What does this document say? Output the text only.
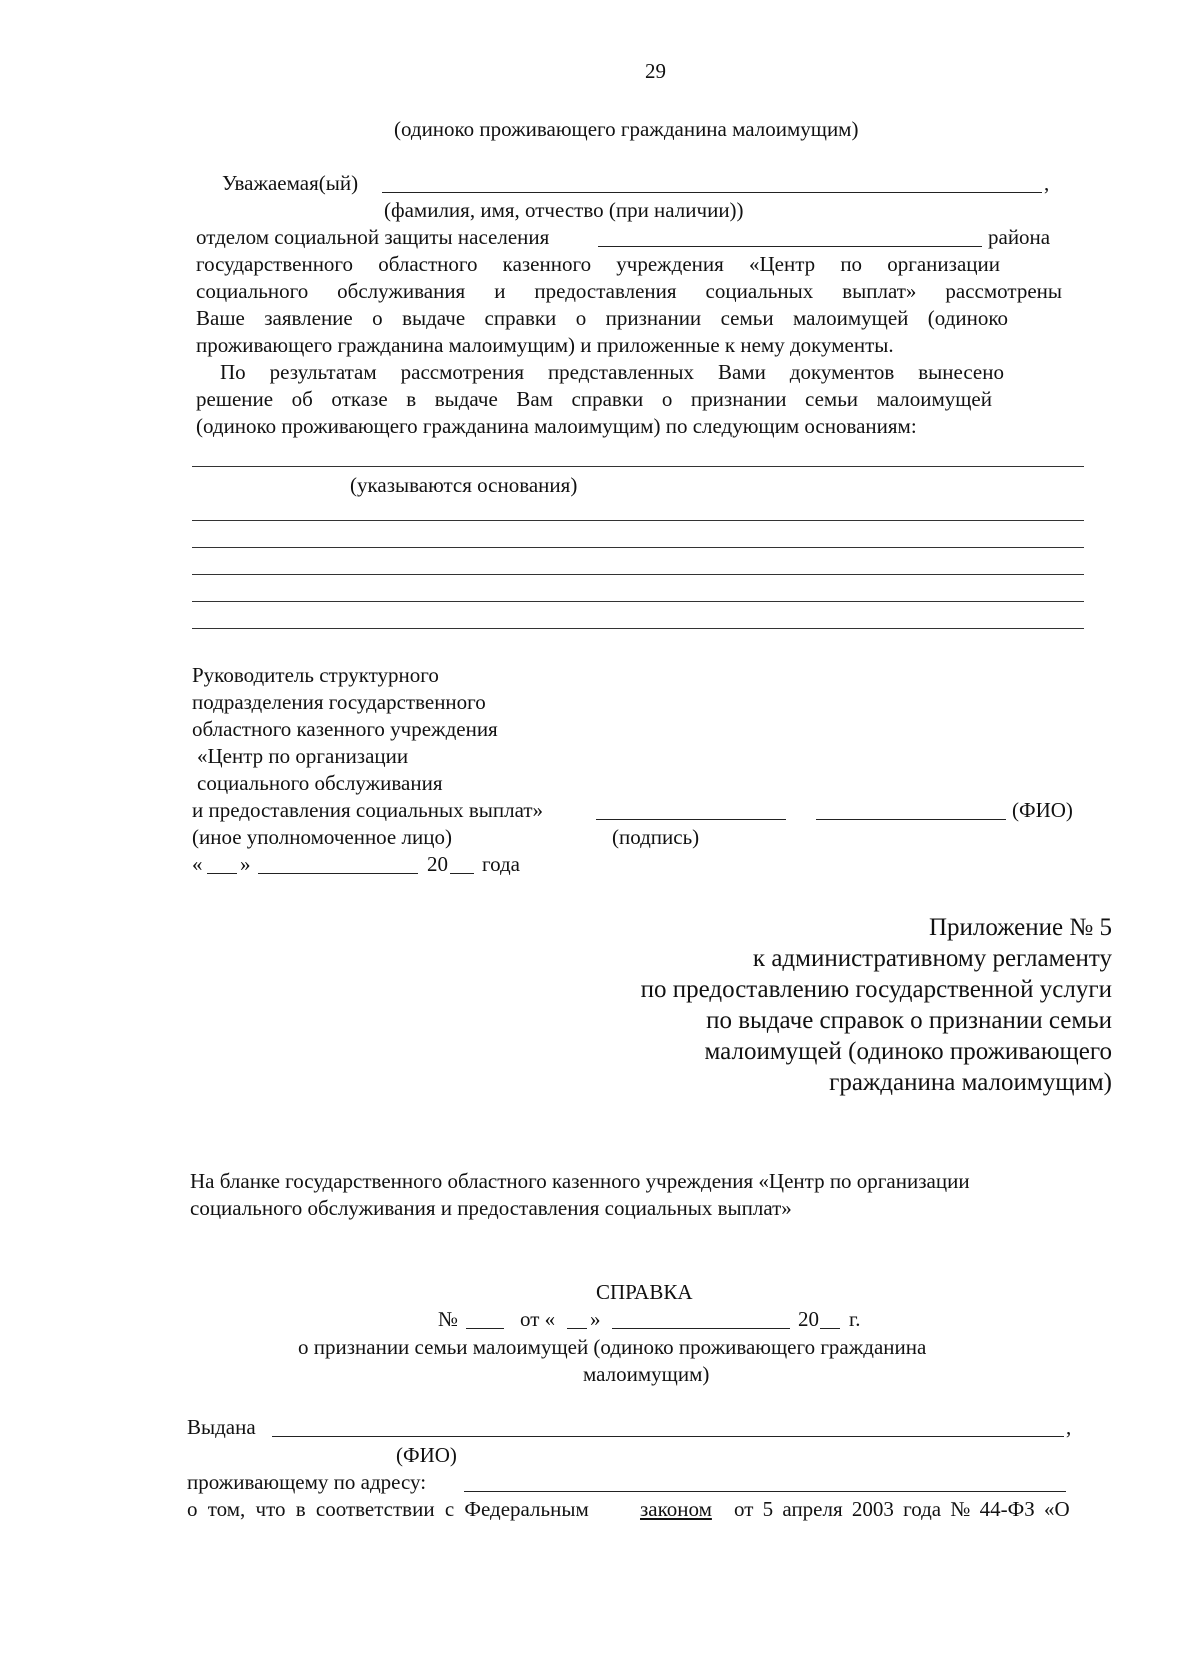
29
(одиноко проживающего гражданина малоимущим)
Уважаемая(ый)	,
(фамилия, имя, отчество (при наличии))
отделом социальной защиты населения	района
государственного областного казенного учреждения «Центр по организации
социального обслуживания и предоставления социальных выплат» рассмотрены
Ваше заявление о выдаче справки о признании семьи малоимущей (одиноко
проживающего гражданина малоимущим) и приложенные к нему документы.
По результатам рассмотрения представленных Вами документов вынесено
решение об отказе в выдаче Вам справки о признании семьи малоимущей
(одиноко проживающего гражданина малоимущим) по следующим основаниям:
(указываются основания)
Руководитель структурного
подразделения государственного
областного казенного учреждения
«Центр по организации
социального обслуживания
и предоставления социальных выплат»	(ФИО)
(иное уполномоченное лицо)	(подпись)
« »	20 года
Приложение № 5
к административному регламенту
по предоставлению государственной услуги
по выдаче справок о признании семьи
малоимущей (одиноко проживающего
гражданина малоимущим)
На бланке государственного областного казенного учреждения «Центр по организации
социального обслуживания и предоставления социальных выплат»
СПРАВКА
№	от « »	20 г.
о признании семьи малоимущей (одиноко проживающего гражданина
малоимущим)
Выдана	,
(ФИО)
проживающему по адресу:
о том, что в соответствии с Федеральным законом от 5 апреля 2003 года № 44-ФЗ «О
